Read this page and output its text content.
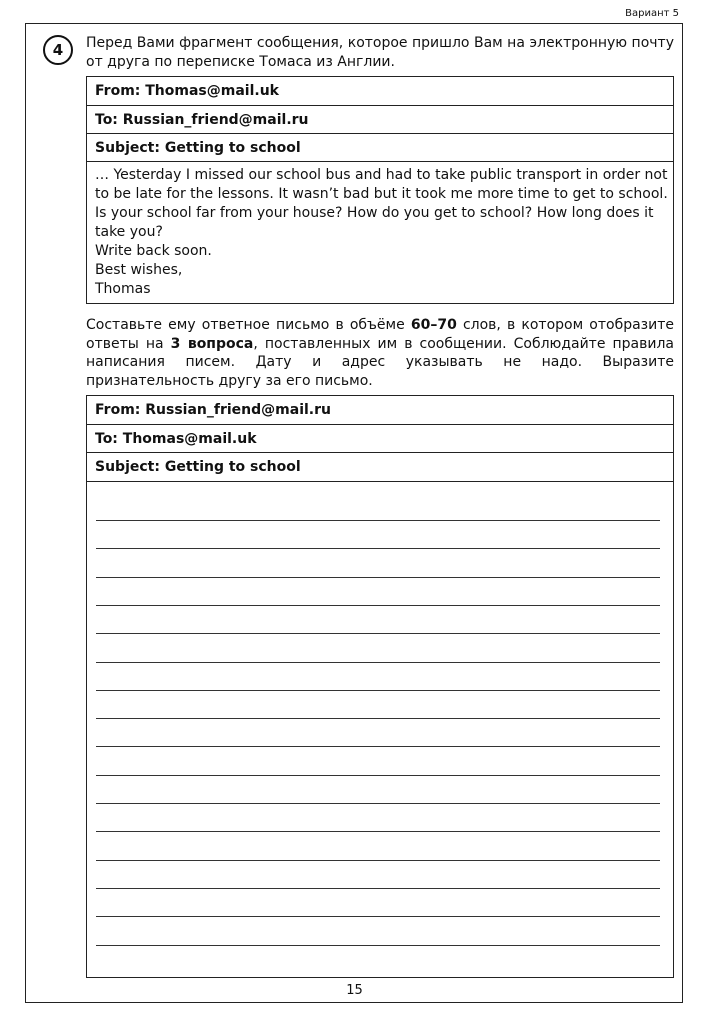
Вариант 5
4	Перед Вами фрагмент сообщения, которое пришло Вам на электронную почту от друга по переписке Томаса из Англии.
From: Thomas@mail.uk
To: Russian_friend@mail.ru
Subject: Getting to school
… Yesterday I missed our school bus and had to take public transport in order not
to be late for the lessons. It wasn’t bad but it took me more time to get to school.
Is your school far from your house? How do you get to school? How long does it
take you?
Write back soon.
Best wishes,
Thomas
Составьте ему ответное письмо в объёме 60–70 слов, в котором отобразите ответы на 3 вопроса, поставленных им в сообщении. Соблюдайте правила написания писем. Дату и адрес указывать не надо. Выразите признательность другу за его письмо.
From: Russian_friend@mail.ru
To: Thomas@mail.uk
Subject: Getting to school
15
